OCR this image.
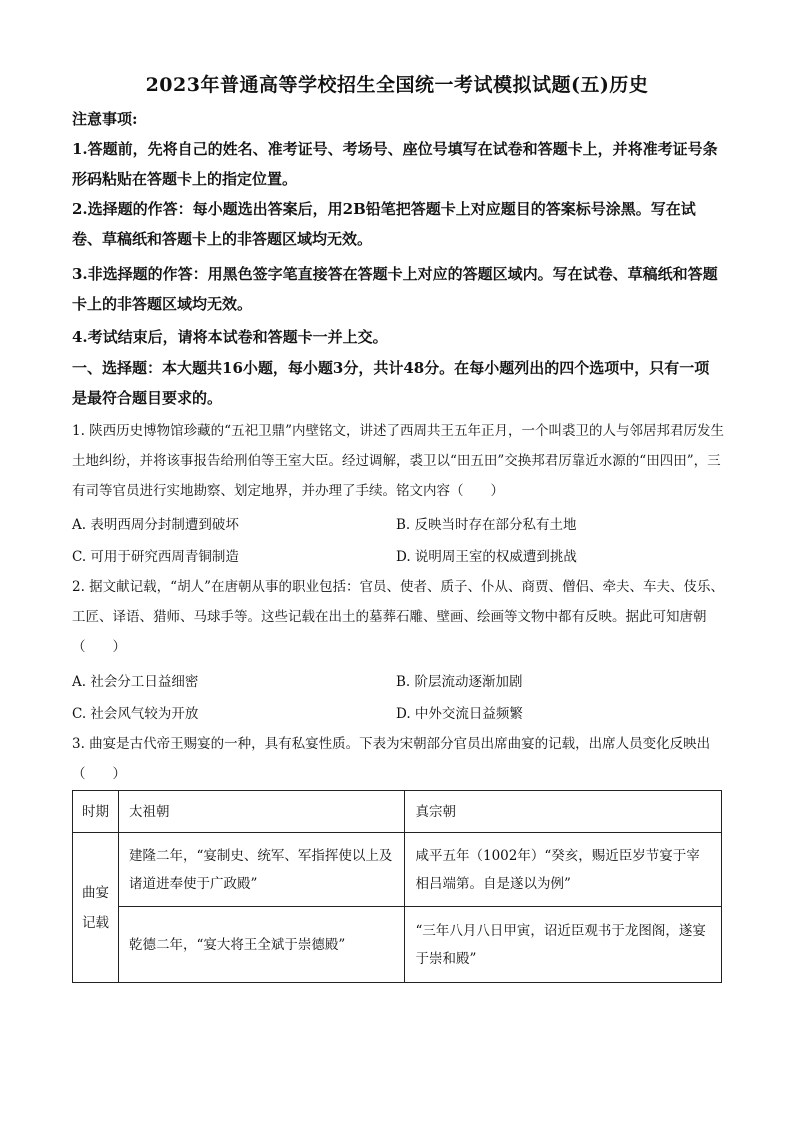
2023年普通高等学校招生全国统一考试模拟试题(五)历史
注意事项:
1.答题前，先将自己的姓名、准考证号、考场号、座位号填写在试卷和答题卡上，并将准考证号条形码粘贴在答题卡上的指定位置。
2.选择题的作答：每小题选出答案后，用2B铅笔把答题卡上对应题目的答案标号涂黑。写在试卷、草稿纸和答题卡上的非答题区域均无效。
3.非选择题的作答：用黑色签字笔直接答在答题卡上对应的答题区域内。写在试卷、草稿纸和答题卡上的非答题区域均无效。
4.考试结束后，请将本试卷和答题卡一并上交。
一、选择题：本大题共16小题，每小题3分，共计48分。在每小题列出的四个选项中，只有一项是最符合题目要求的。
1. 陕西历史博物馆珍藏的“五祀卫鼎”内壁铭文，讲述了西周共王五年正月，一个叫裘卫的人与邻居邦君厉发生土地纠纷，并将该事报告给刑伯等王室大臣。经过调解，裘卫以“田五田”交换邦君厉靠近水源的“田四田”，三有司等官员进行实地勘察、划定地界，并办理了手续。铭文内容（　　）
A. 表明西周分封制遭到破坏	B. 反映当时存在部分私有土地
C. 可用于研究西周青铜制造	D. 说明周王室的权威遭到挑战
2. 据文献记载，“胡人”在唐朝从事的职业包括：官员、使者、质子、仆从、商贾、僧侣、牵夫、车夫、伎乐、工匠、译语、猎师、马球手等。这些记载在出土的墓葬石雕、壁画、绘画等文物中都有反映。据此可知唐朝（　　）
A. 社会分工日益细密	B. 阶层流动逐渐加剧
C. 社会风气较为开放	D. 中外交流日益频繁
3. 曲宴是古代帝王赐宴的一种，具有私宴性质。下表为宋朝部分官员出席曲宴的记载，出席人员变化反映出（　　）
时期	太祖朝	真宗朝
曲宴记载	建隆二年，“宴制史、统军、军指挥使以上及诸道进奉使于广政殿”	咸平五年（1002年）“癸亥，赐近臣岁节宴于宰相吕端第。自是遂以为例”
	乾德二年，“宴大将王全斌于崇德殿”	“三年八月八日甲寅，诏近臣观书于龙图阁，遂宴于崇和殿”
